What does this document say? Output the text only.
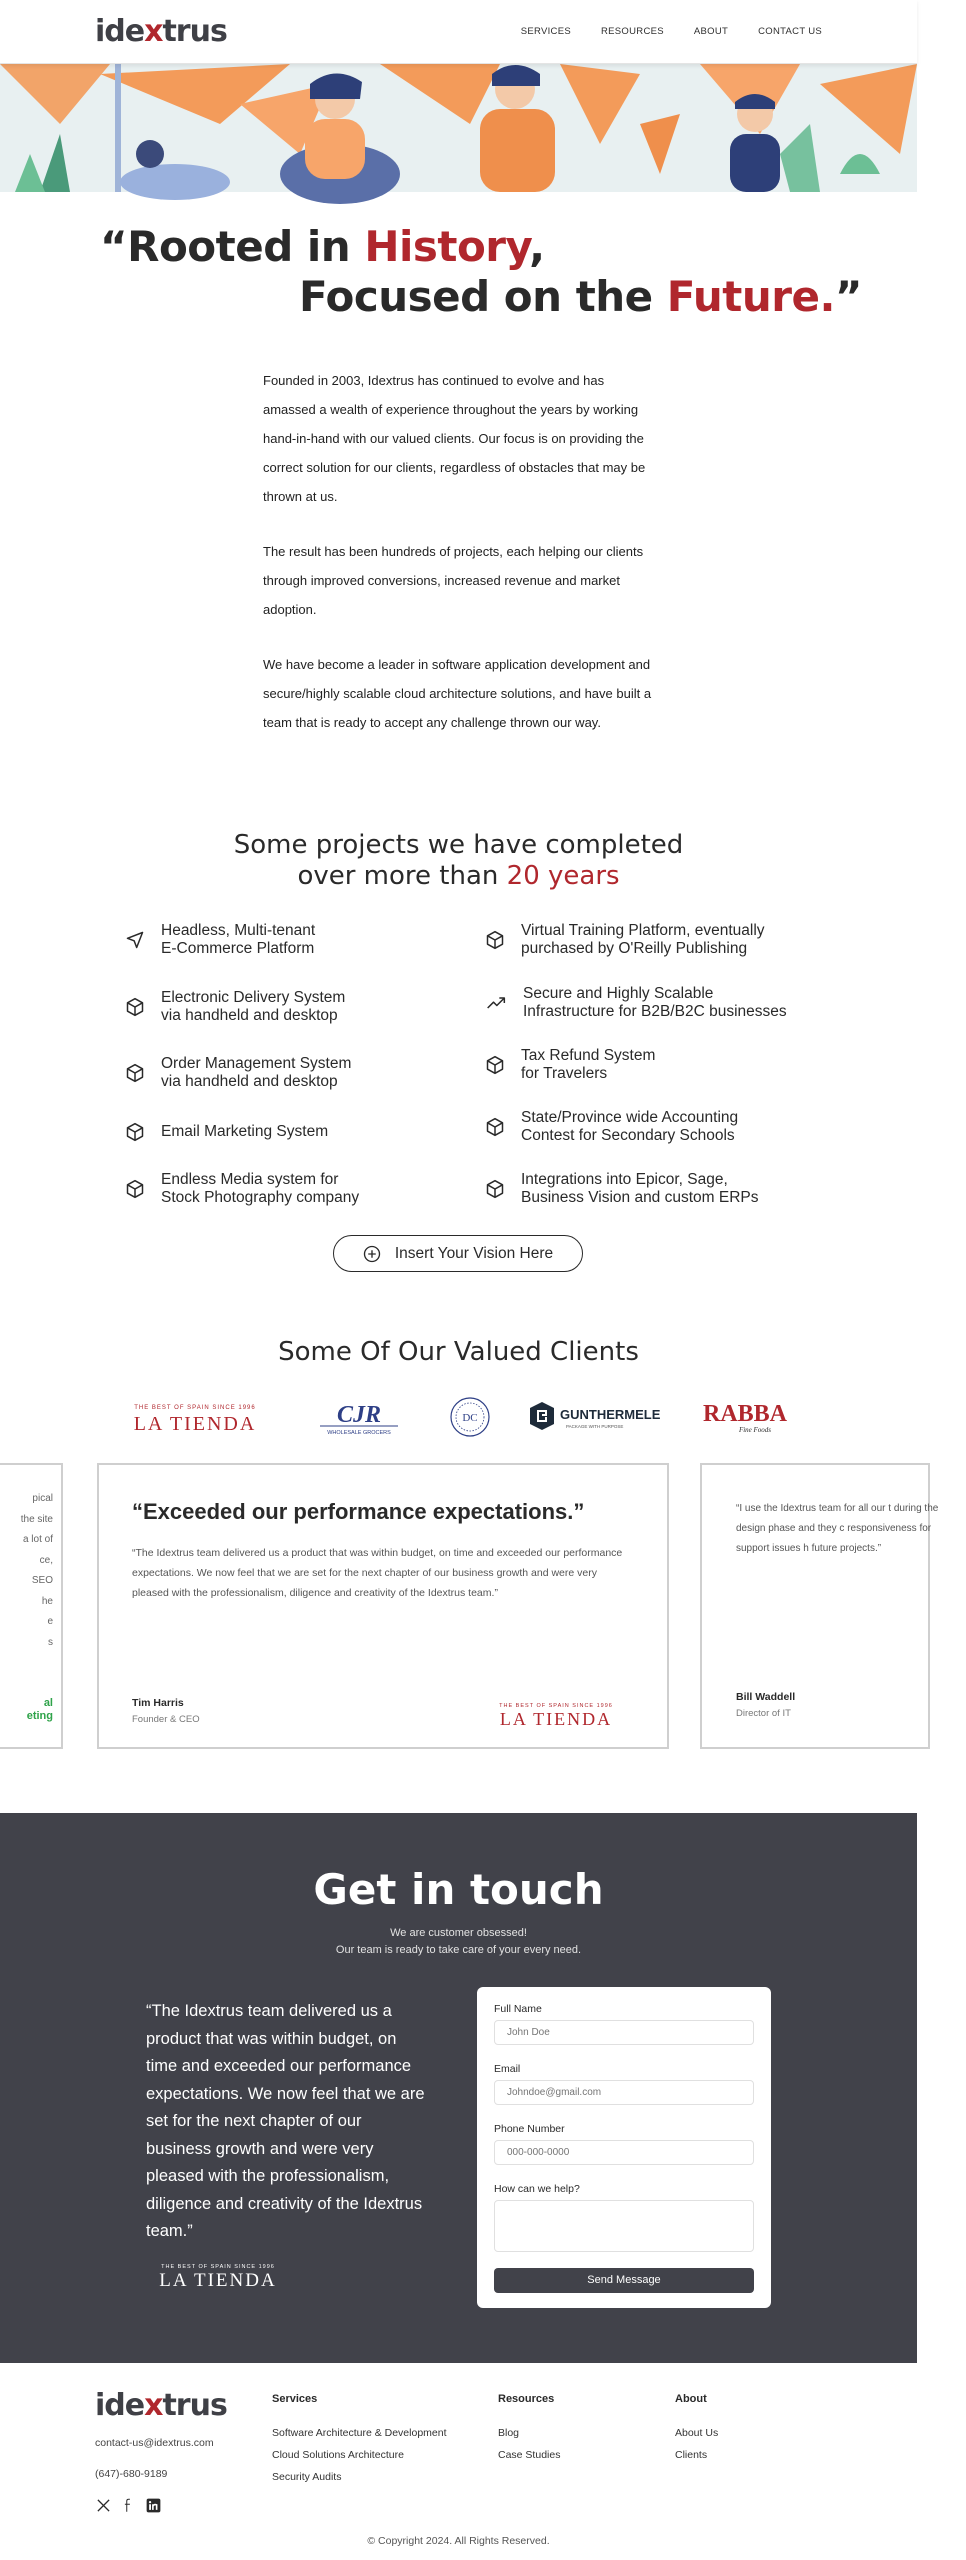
idextrus	SERVICES	RESOURCES	ABOUT	CONTACT US
“Rooted in History,
Focused on the Future.”

Founded in 2003, Idextrus has continued to evolve and has amassed a wealth of experience throughout the years by working hand-in-hand with our valued clients. Our focus is on providing the correct solution for our clients, regardless of obstacles that may be thrown at us.

The result has been hundreds of projects, each helping our clients through improved conversions, increased revenue and market adoption.

We have become a leader in software application development and secure/highly scalable cloud architecture solutions, and have built a team that is ready to accept any challenge thrown our way.

Some projects we have completed
over more than 20 years
Headless, Multi-tenant
E-Commerce Platform
Virtual Training Platform, eventually
purchased by O'Reilly Publishing
Electronic Delivery System
via handheld and desktop
Secure and Highly Scalable
Infrastructure for B2B/B2C businesses
Order Management System
via handheld and desktop
Tax Refund System
for Travelers
Email Marketing System
State/Province wide Accounting
Contest for Secondary Schools
Endless Media system for
Stock Photography company
Integrations into Epicor, Sage,
Business Vision and custom ERPs
Insert Your Vision Here
Some Of Our Valued Clients
THE BEST OF SPAIN SINCE 1996
LA TIENDA	CJR
WHOLESALE GROCERS
DC	GUNTHERMELE
PACKAGE WITH PURPOSE	RABBA
Fine Foods
pical
the site
a lot of
ce,
SEO
he
e
s
al
eting
“Exceeded our performance expectations.”
“The Idextrus team delivered us a product that was within budget, on time and exceeded our performance expectations. We now feel that we are set for the next chapter of our business growth and were very pleased with the professionalism, diligence and creativity of the Idextrus team.”
Tim Harris
Founder & CEO
THE BEST OF SPAIN SINCE 1996
LA TIENDA
“I use the Idextrus team for all our t during the design phase and they c responsiveness for support issues h future projects.”
Bill Waddell
Director of IT
Get in touch
We are customer obsessed!
Our team is ready to take care of your every need.
“The Idextrus team delivered us a product that was within budget, on time and exceeded our performance expectations. We now feel that we are set for the next chapter of our business growth and were very pleased with the professionalism, diligence and creativity of the Idextrus team.”
THE BEST OF SPAIN SINCE 1996
LA TIENDA
Full Name
John Doe
Email
Johndoe@gmail.com
Phone Number
000-000-0000
How can we help?
Send Message
idextrus
contact-us@idextrus.com
(647)-680-9189
Services
Software Architecture & Development
Cloud Solutions Architecture
Security Audits
Resources
Blog
Case Studies
About
About Us
Clients
© Copyright 2024. All Rights Reserved.
